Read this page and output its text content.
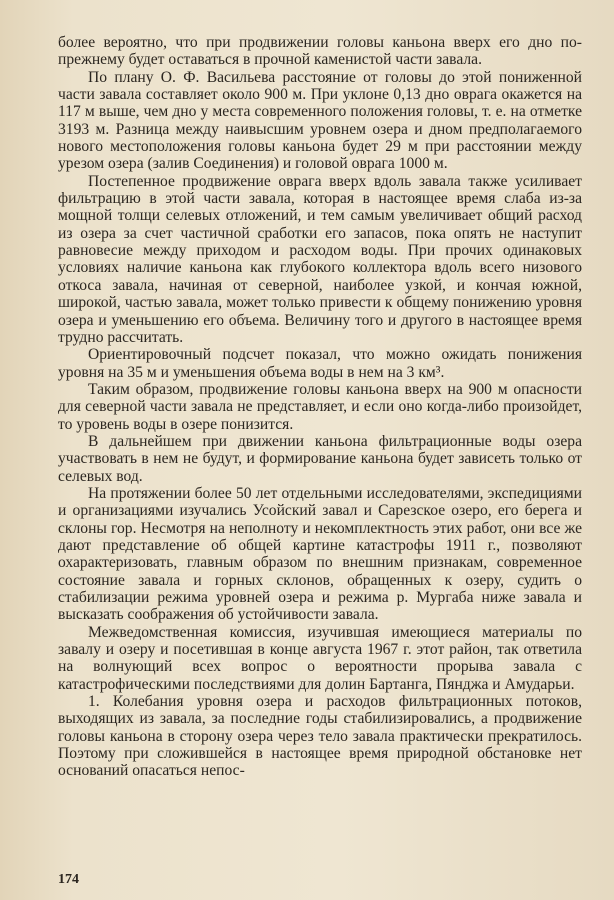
более вероятно, что при продвижении головы каньона вверх его дно по-прежнему будет оставаться в прочной каменистой части завала.

По плану О. Ф. Васильева расстояние от головы до этой пониженной части завала составляет около 900 м. При уклоне 0,13 дно оврага окажется на 117 м выше, чем дно у места современного положения головы, т. е. на отметке 3193 м. Разница между наивысшим уровнем озера и дном предполагаемого нового местоположения головы каньона будет 29 м при расстоянии между урезом озера (залив Соединения) и головой оврага 1000 м.

Постепенное продвижение оврага вверх вдоль завала также усиливает фильтрацию в этой части завала, которая в настоящее время слаба из-за мощной толщи селевых отложений, и тем самым увеличивает общий расход из озера за счет частичной сработки его запасов, пока опять не наступит равновесие между приходом и расходом воды. При прочих одинаковых условиях наличие каньона как глубокого коллектора вдоль всего низового откоса завала, начиная от северной, наиболее узкой, и кончая южной, широкой, частью завала, может только привести к общему понижению уровня озера и уменьшению его объема. Величину того и другого в настоящее время трудно рассчитать.

Ориентировочный подсчет показал, что можно ожидать понижения уровня на 35 м и уменьшения объема воды в нем на 3 км³.

Таким образом, продвижение головы каньона вверх на 900 м опасности для северной части завала не представляет, и если оно когда-либо произойдет, то уровень воды в озере понизится.

В дальнейшем при движении каньона фильтрационные воды озера участвовать в нем не будут, и формирование каньона будет зависеть только от селевых вод.

На протяжении более 50 лет отдельными исследователями, экспедициями и организациями изучались Усойский завал и Сарезское озеро, его берега и склоны гор. Несмотря на неполноту и некомплектность этих работ, они все же дают представление об общей картине катастрофы 1911 г., позволяют охарактеризовать, главным образом по внешним признакам, современное состояние завала и горных склонов, обращенных к озеру, судить о стабилизации режима уровней озера и режима р. Мургаба ниже завала и высказать соображения об устойчивости завала.

Межведомственная комиссия, изучившая имеющиеся материалы по завалу и озеру и посетившая в конце августа 1967 г. этот район, так ответила на волнующий всех вопрос о вероятности прорыва завала с катастрофическими последствиями для долин Бартанга, Пянджа и Амударьи.

1. Колебания уровня озера и расходов фильтрационных потоков, выходящих из завала, за последние годы стабилизировались, а продвижение головы каньона в сторону озера через тело завала практически прекратилось. Поэтому при сложившейся в настоящее время природной обстановке нет оснований опасаться непос-

174
